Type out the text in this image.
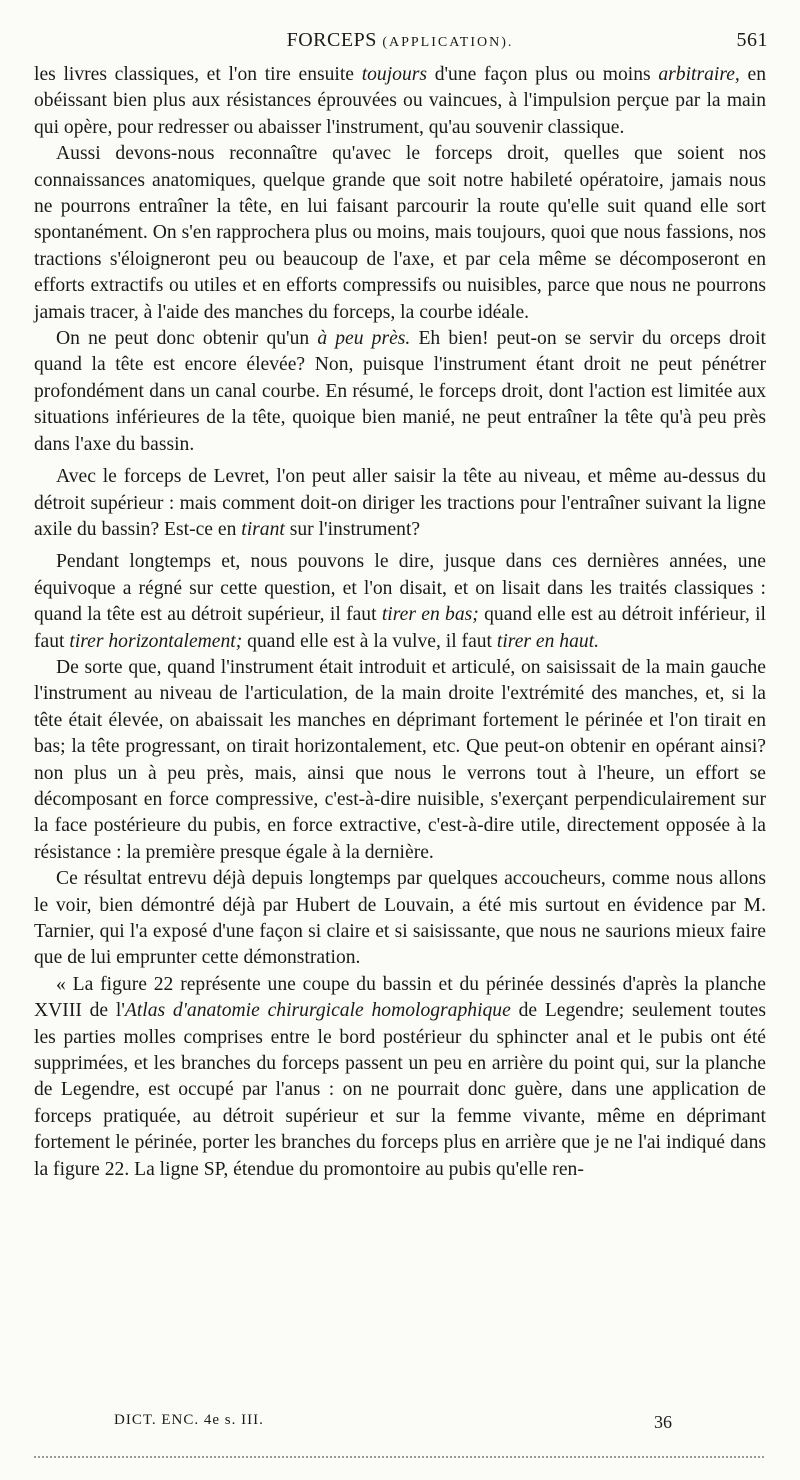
FORCEPS (APPLICATION).	561

les livres classiques, et l'on tire ensuite toujours d'une façon plus ou moins arbitraire, en obéissant bien plus aux résistances éprouvées ou vaincues, à l'impulsion perçue par la main qui opère, pour redresser ou abaisser l'instrument, qu'au souvenir classique.

Aussi devons-nous reconnaître qu'avec le forceps droit, quelles que soient nos connaissances anatomiques, quelque grande que soit notre habileté opératoire, jamais nous ne pourrons entraîner la tête, en lui faisant parcourir la route qu'elle suit quand elle sort spontanément. On s'en rapprochera plus ou moins, mais toujours, quoi que nous fassions, nos tractions s'éloigneront peu ou beaucoup de l'axe, et par cela même se décomposeront en efforts extractifs ou utiles et en efforts compressifs ou nuisibles, parce que nous ne pourrons jamais tracer, à l'aide des manches du forceps, la courbe idéale.

On ne peut donc obtenir qu'un à peu près. Eh bien! peut-on se servir du orceps droit quand la tête est encore élevée? Non, puisque l'instrument étant droit ne peut pénétrer profondément dans un canal courbe. En résumé, le forceps droit, dont l'action est limitée aux situations inférieures de la tête, quoique bien manié, ne peut entraîner la tête qu'à peu près dans l'axe du bassin.

Avec le forceps de Levret, l'on peut aller saisir la tête au niveau, et même au-dessus du détroit supérieur : mais comment doit-on diriger les tractions pour l'entraîner suivant la ligne axile du bassin? Est-ce en tirant sur l'instrument?

Pendant longtemps et, nous pouvons le dire, jusque dans ces dernières années, une équivoque a régné sur cette question, et l'on disait, et on lisait dans les traités classiques : quand la tête est au détroit supérieur, il faut tirer en bas; quand elle est au détroit inférieur, il faut tirer horizontalement; quand elle est à la vulve, il faut tirer en haut.

De sorte que, quand l'instrument était introduit et articulé, on saisissait de la main gauche l'instrument au niveau de l'articulation, de la main droite l'extrémité des manches, et, si la tête était élevée, on abaissait les manches en déprimant fortement le périnée et l'on tirait en bas; la tête progressant, on tirait horizontalement, etc. Que peut-on obtenir en opérant ainsi? non plus un à peu près, mais, ainsi que nous le verrons tout à l'heure, un effort se décomposant en force compressive, c'est-à-dire nuisible, s'exerçant perpendiculairement sur la face postérieure du pubis, en force extractive, c'est-à-dire utile, directement opposée à la résistance : la première presque égale à la dernière.

Ce résultat entrevu déjà depuis longtemps par quelques accoucheurs, comme nous allons le voir, bien démontré déjà par Hubert de Louvain, a été mis surtout en évidence par M. Tarnier, qui l'a exposé d'une façon si claire et si saisissante, que nous ne saurions mieux faire que de lui emprunter cette démonstration.

« La figure 22 représente une coupe du bassin et du périnée dessinés d'après la planche XVIII de l'Atlas d'anatomie chirurgicale homolographique de Legendre; seulement toutes les parties molles comprises entre le bord postérieur du sphincter anal et le pubis ont été supprimées, et les branches du forceps passent un peu en arrière du point qui, sur la planche de Legendre, est occupé par l'anus : on ne pourrait donc guère, dans une application de forceps pratiquée, au détroit supérieur et sur la femme vivante, même en déprimant fortement le périnée, porter les branches du forceps plus en arrière que je ne l'ai indiqué dans la figure 22. La ligne SP, étendue du promontoire au pubis qu'elle ren-

DICT. ENC. 4e s. III.	36
